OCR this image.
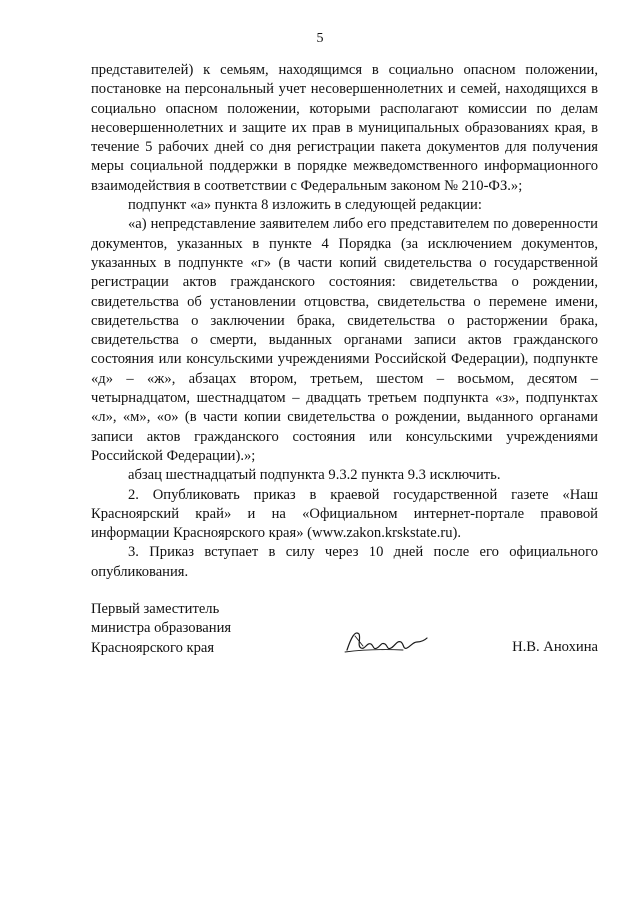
5

представителей) к семьям, находящимся в социально опасном положении, постановке на персональный учет несовершеннолетних и семей, находящихся в социально опасном положении, которыми располагают комиссии по делам несовершеннолетних и защите их прав в муниципальных образованиях края, в течение 5 рабочих дней со дня регистрации пакета документов для получения меры социальной поддержки в порядке межведомственного информационного взаимодействия в соответствии с Федеральным законом № 210-ФЗ.»;

подпункт «а» пункта 8 изложить в следующей редакции:

«а) непредставление заявителем либо его представителем по доверенности документов, указанных в пункте 4 Порядка (за исключением документов, указанных в подпункте «г» (в части копий свидетельства о государственной регистрации актов гражданского состояния: свидетельства о рождении, свидетельства об установлении отцовства, свидетельства о перемене имени, свидетельства о заключении брака, свидетельства о расторжении брака, свидетельства о смерти, выданных органами записи актов гражданского состояния или консульскими учреждениями Российской Федерации), подпункте «д» – «ж», абзацах втором, третьем, шестом – восьмом, десятом – четырнадцатом, шестнадцатом – двадцать третьем подпункта «з», подпунктах «л», «м», «о» (в части копии свидетельства о рождении, выданного органами записи актов гражданского состояния или консульскими учреждениями Российской Федерации).»;

абзац шестнадцатый подпункта 9.3.2 пункта 9.3 исключить.

2. Опубликовать приказ в краевой государственной газете «Наш Красноярский край» и на «Официальном интернет-портале правовой информации Красноярского края» (www.zakon.krskstate.ru).

3. Приказ вступает в силу через 10 дней после его официального опубликования.

Первый заместитель

министра образования

Красноярского края	Н.В. Анохина
